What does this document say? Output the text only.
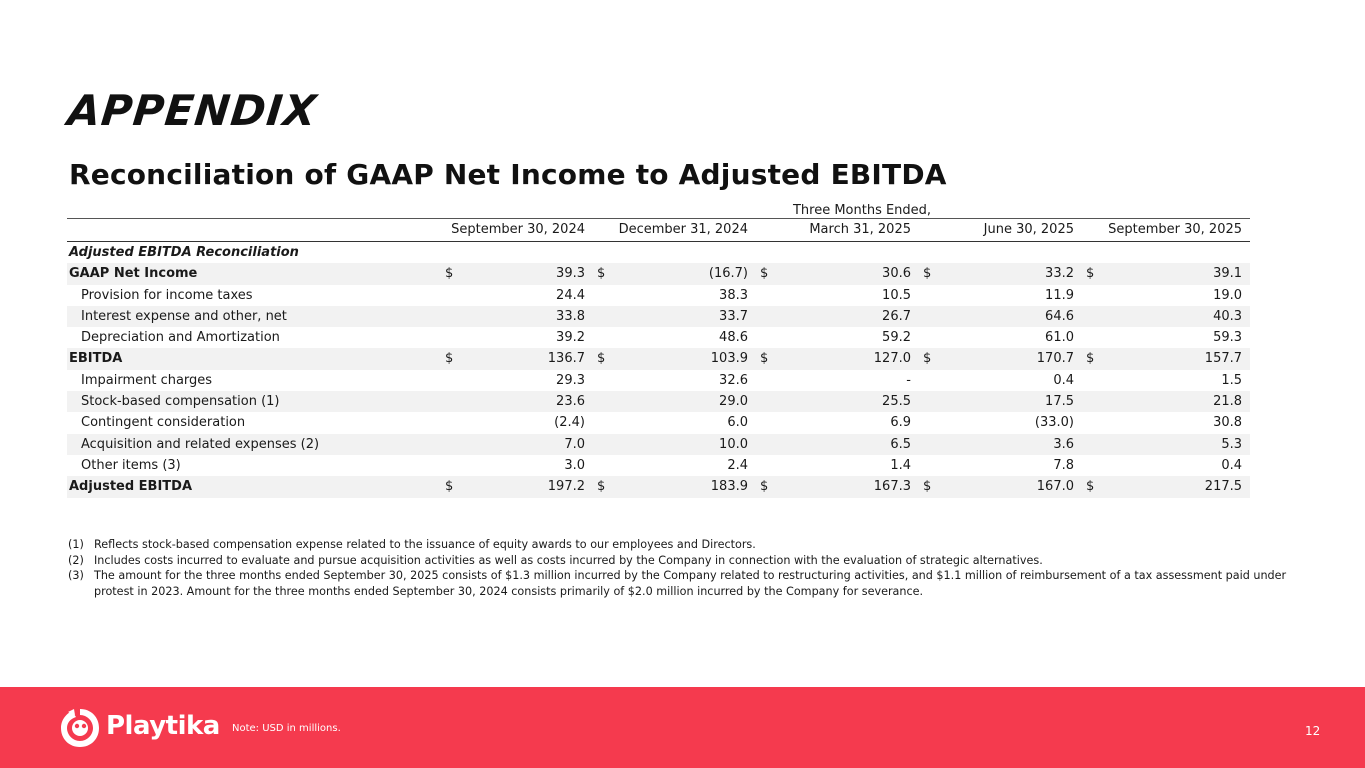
APPENDIX
Reconciliation of GAAP Net Income to Adjusted EBITDA
	Three Months Ended,									

	September 30, 2024		December 31, 2024		March 31, 2025		June 30, 2025		September 30, 2025	
Adjusted EBITDA Reconciliation										
GAAP Net Income	$	39.3	$	(16.7)	$	30.6	$	33.2	$	39.1
Provision for income taxes		24.4		38.3		10.5		11.9		19.0
Interest expense and other, net		33.8		33.7		26.7		64.6		40.3
Depreciation and Amortization		39.2		48.6		59.2		61.0		59.3
EBITDA	$	136.7	$	103.9	$	127.0	$	170.7	$	157.7
Impairment charges		29.3		32.6		-		0.4		1.5
Stock-based compensation (1)		23.6		29.0		25.5		17.5		21.8
Contingent consideration		(2.4)		6.0		6.9		(33.0)		30.8
Acquisition and related expenses (2)		7.0		10.0		6.5		3.6		5.3
Other items (3)		3.0		2.4		1.4		7.8		0.4
Adjusted EBITDA	$	197.2	$	183.9	$	167.3	$	167.0	$	217.5
(1) Reflects stock-based compensation expense related to the issuance of equity awards to our employees and Directors.
(2) Includes costs incurred to evaluate and pursue acquisition activities as well as costs incurred by the Company in connection with the evaluation of strategic alternatives.
(3) The amount for the three months ended September 30, 2025 consists of $1.3 million incurred by the Company related to restructuring activities, and $1.1 million of reimbursement of a tax assessment paid under protest in 2023. Amount for the three months ended September 30, 2024 consists primarily of $2.0 million incurred by the Company for severance.
Playtika Note: USD in millions.	12
